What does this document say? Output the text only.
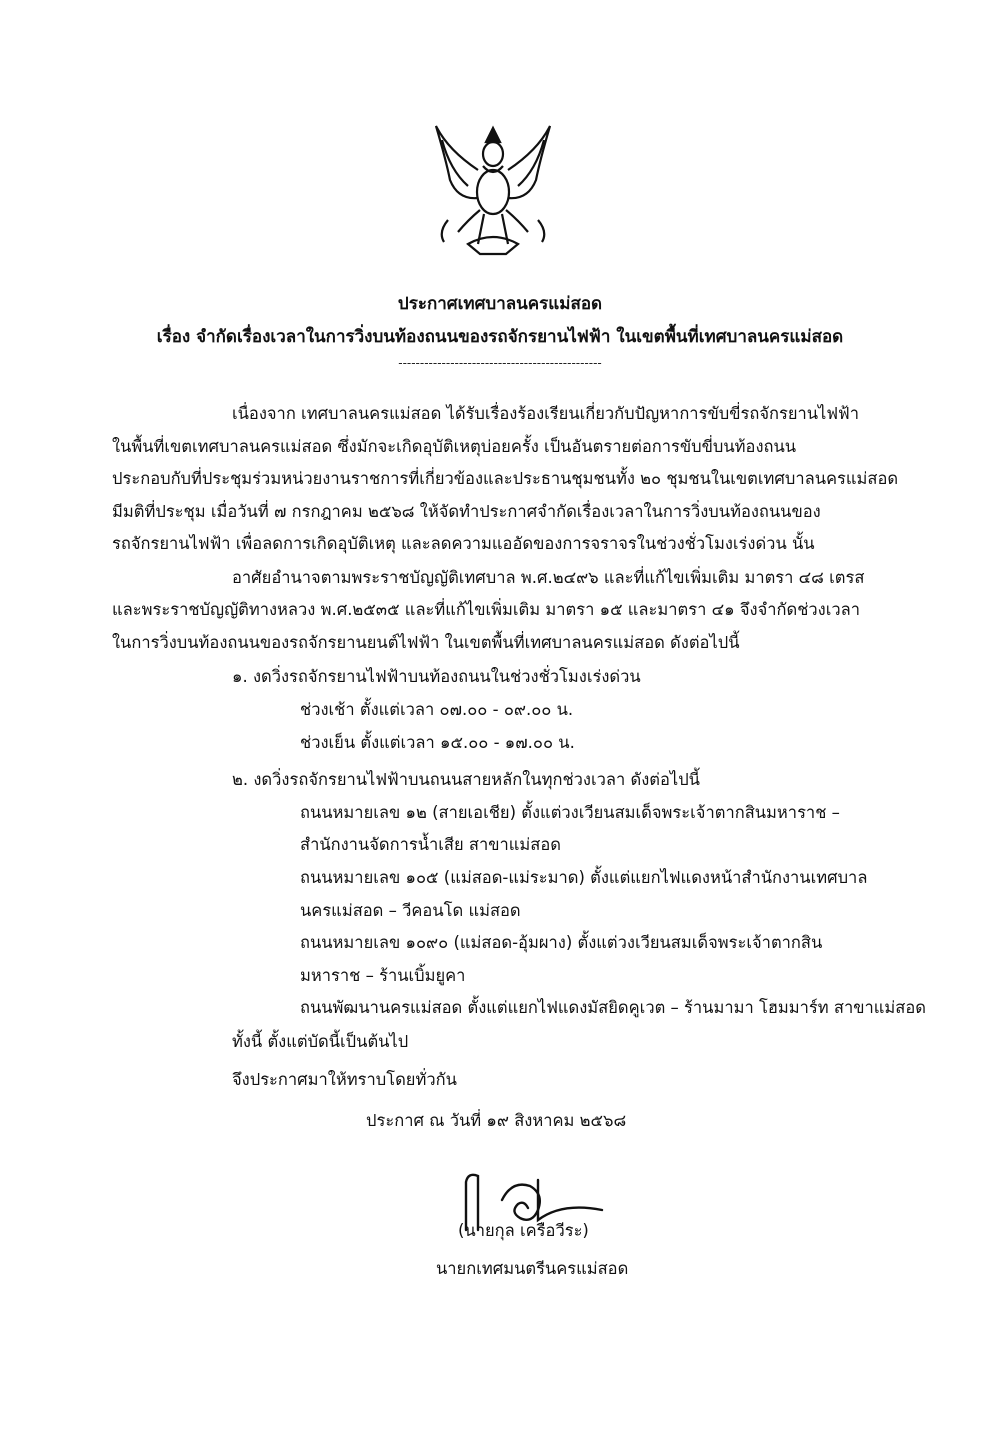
ประกาศเทศบาลนครแม่สอด
เรื่อง จำกัดเรื่องเวลาในการวิ่งบนท้องถนนของรถจักรยานไฟฟ้า ในเขตพื้นที่เทศบาลนครแม่สอด
-----------------------------------------------
เนื่องจาก เทศบาลนครแม่สอด ได้รับเรื่องร้องเรียนเกี่ยวกับปัญหาการขับขี่รถจักรยานไฟฟ้า
ในพื้นที่เขตเทศบาลนครแม่สอด ซึ่งมักจะเกิดอุบัติเหตุบ่อยครั้ง เป็นอันตรายต่อการขับขี่บนท้องถนน
ประกอบกับที่ประชุมร่วมหน่วยงานราชการที่เกี่ยวข้องและประธานชุมชนทั้ง ๒๐ ชุมชนในเขตเทศบาลนครแม่สอด
มีมติที่ประชุม เมื่อวันที่ ๗ กรกฎาคม ๒๕๖๘ ให้จัดทำประกาศจำกัดเรื่องเวลาในการวิ่งบนท้องถนนของ
รถจักรยานไฟฟ้า เพื่อลดการเกิดอุบัติเหตุ และลดความแออัดของการจราจรในช่วงชั่วโมงเร่งด่วน นั้น
อาศัยอำนาจตามพระราชบัญญัติเทศบาล พ.ศ.๒๔๙๖ และที่แก้ไขเพิ่มเติม มาตรา ๔๘ เตรส
และพระราชบัญญัติทางหลวง พ.ศ.๒๕๓๕ และที่แก้ไขเพิ่มเติม มาตรา ๑๕ และมาตรา ๔๑ จึงจำกัดช่วงเวลา
ในการวิ่งบนท้องถนนของรถจักรยานยนต์ไฟฟ้า ในเขตพื้นที่เทศบาลนครแม่สอด ดังต่อไปนี้
๑. งดวิ่งรถจักรยานไฟฟ้าบนท้องถนนในช่วงชั่วโมงเร่งด่วน
ช่วงเช้า ตั้งแต่เวลา ๐๗.๐๐ - ๐๙.๐๐ น.
ช่วงเย็น ตั้งแต่เวลา ๑๕.๐๐ - ๑๗.๐๐ น.
๒. งดวิ่งรถจักรยานไฟฟ้าบนถนนสายหลักในทุกช่วงเวลา ดังต่อไปนี้
ถนนหมายเลข ๑๒ (สายเอเชีย) ตั้งแต่วงเวียนสมเด็จพระเจ้าตากสินมหาราช –
สำนักงานจัดการน้ำเสีย สาขาแม่สอด
ถนนหมายเลข ๑๐๕ (แม่สอด-แม่ระมาด) ตั้งแต่แยกไฟแดงหน้าสำนักงานเทศบาล
นครแม่สอด – วีคอนโด แม่สอด
ถนนหมายเลข ๑๐๙๐ (แม่สอด-อุ้มผาง) ตั้งแต่วงเวียนสมเด็จพระเจ้าตากสิน
มหาราช – ร้านเบิ้มยูคา
ถนนพัฒนานครแม่สอด ตั้งแต่แยกไฟแดงมัสยิดคูเวต – ร้านมามา โฮมมาร์ท สาขาแม่สอด
ทั้งนี้ ตั้งแต่บัดนี้เป็นต้นไป
จึงประกาศมาให้ทราบโดยทั่วกัน
ประกาศ ณ วันที่ ๑๙ สิงหาคม ๒๕๖๘
(นายกุล เครือวีระ)
นายกเทศมนตรีนครแม่สอด
